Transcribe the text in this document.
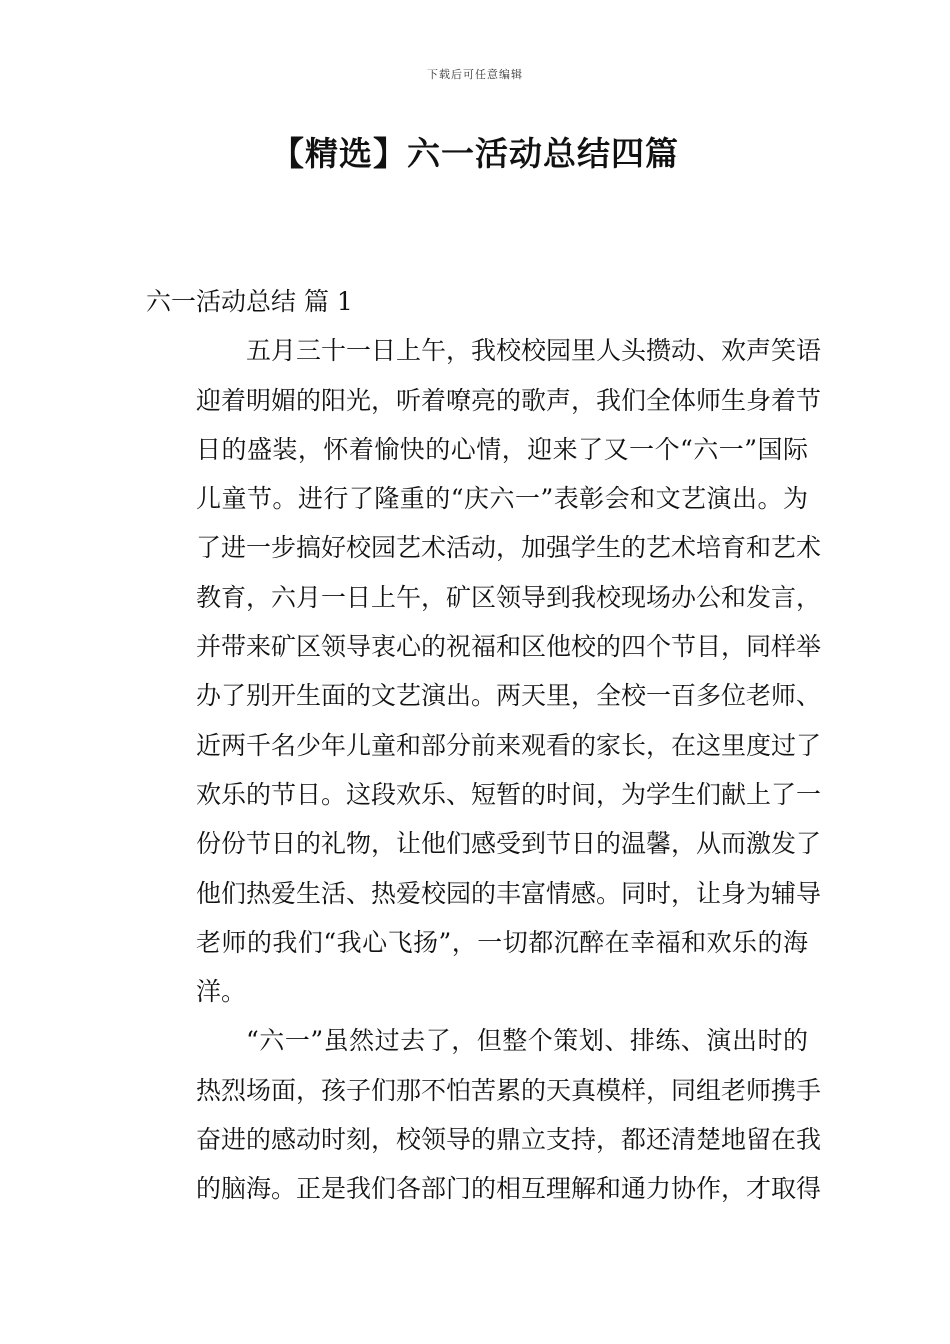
下载后可任意编辑
【精选】六一活动总结四篇
六一活动总结 篇 1
五月三十一日上午，我校校园里人头攒动、欢声笑语
迎着明媚的阳光，听着嘹亮的歌声，我们全体师生身着节
日的盛装，怀着愉快的心情，迎来了又一个“六一”国际
儿童节。进行了隆重的“庆六一”表彰会和文艺演出。为
了进一步搞好校园艺术活动，加强学生的艺术培育和艺术
教育，六月一日上午，矿区领导到我校现场办公和发言，
并带来矿区领导衷心的祝福和区他校的四个节目，同样举
办了别开生面的文艺演出。两天里，全校一百多位老师、
近两千名少年儿童和部分前来观看的家长，在这里度过了
欢乐的节日。这段欢乐、短暂的时间，为学生们献上了一
份份节日的礼物，让他们感受到节日的温馨，从而激发了
他们热爱生活、热爱校园的丰富情感。同时，让身为辅导
老师的我们“我心飞扬”，一切都沉醉在幸福和欢乐的海
洋。
“六一”虽然过去了，但整个策划、排练、演出时的
热烈场面，孩子们那不怕苦累的天真模样，同组老师携手
奋进的感动时刻，校领导的鼎立支持，都还清楚地留在我
的脑海。正是我们各部门的相互理解和通力协作，才取得
